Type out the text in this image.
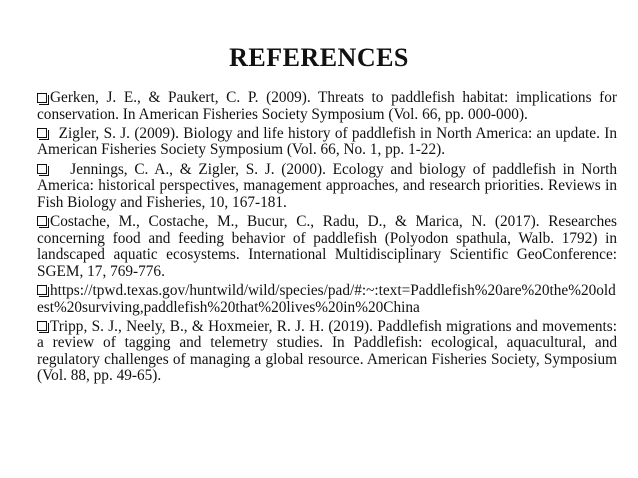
REFERENCES
Gerken, J. E., & Paukert, C. P. (2009). Threats to paddlefish habitat: implications for conservation. In American Fisheries Society Symposium (Vol. 66, pp. 000-000).
Zigler, S. J. (2009). Biology and life history of paddlefish in North America: an update. In American Fisheries Society Symposium (Vol. 66, No. 1, pp. 1-22).
Jennings, C. A., & Zigler, S. J. (2000). Ecology and biology of paddlefish in North America: historical perspectives, management approaches, and research priorities. Reviews in Fish Biology and Fisheries, 10, 167-181.
Costache, M., Costache, M., Bucur, C., Radu, D., & Marica, N. (2017). Researches concerning food and feeding behavior of paddlefish (Polyodon spathula, Walb. 1792) in landscaped aquatic ecosystems. International Multidisciplinary Scientific GeoConference: SGEM, 17, 769-776.
https://tpwd.texas.gov/huntwild/wild/species/pad/#:~:text=Paddlefish%20are%20the%20oldest%20surviving,paddlefish%20that%20lives%20in%20China
Tripp, S. J., Neely, B., & Hoxmeier, R. J. H. (2019). Paddlefish migrations and movements: a review of tagging and telemetry studies. In Paddlefish: ecological, aquacultural, and regulatory challenges of managing a global resource. American Fisheries Society, Symposium (Vol. 88, pp. 49-65).
